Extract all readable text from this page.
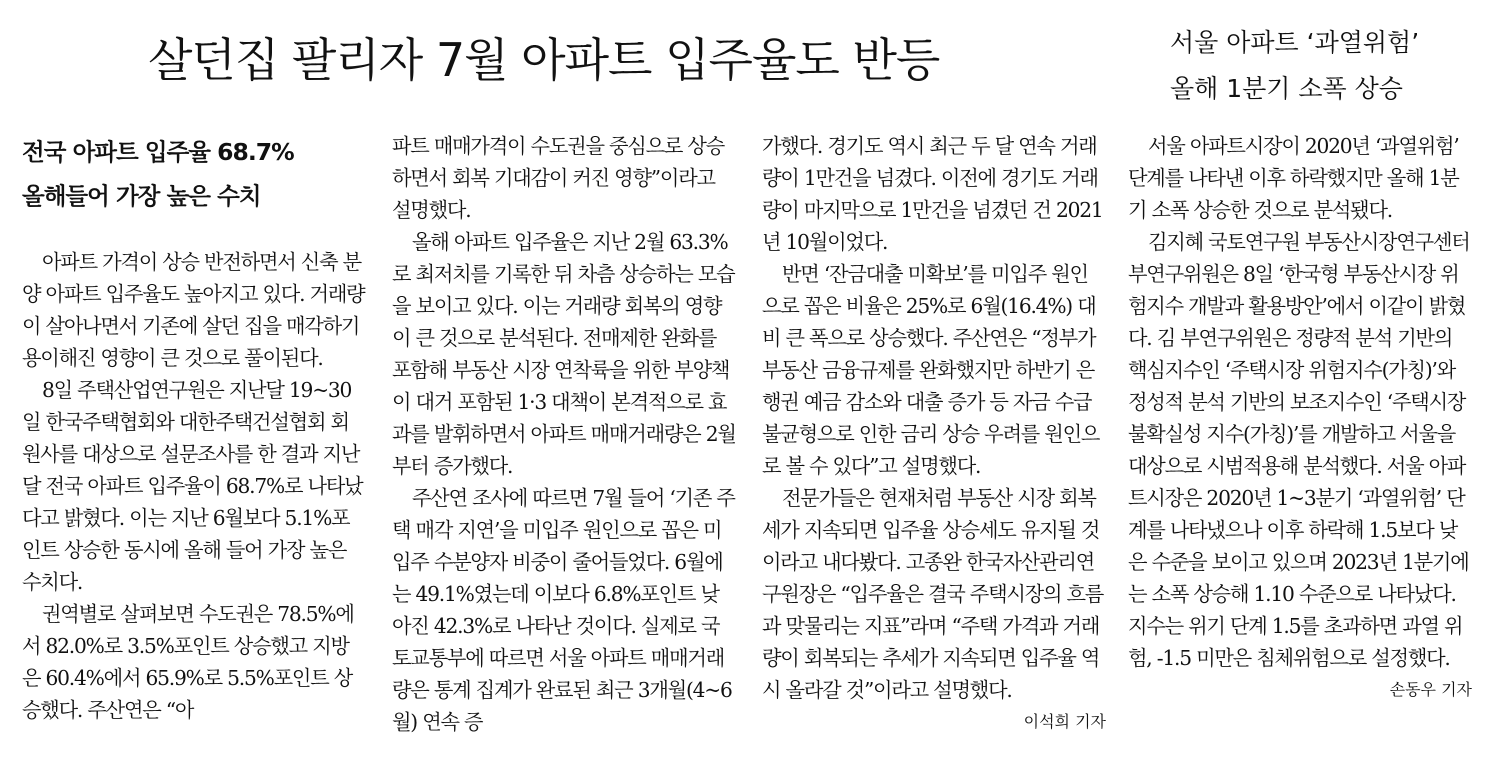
살던집 팔리자 7월 아파트 입주율도 반등	서울 아파트 ‘과열위험’
올해 1분기 소폭 상승
전국 아파트 입주율 68.7%
올해들어 가장 높은 수치

아파트 가격이 상승 반전하면서 신축 분양 아파트 입주율도 높아지고 있다. 거래량이 살아나면서 기존에 살던 집을 매각하기 용이해진 영향이 큰 것으로 풀이된다.

8일 주택산업연구원은 지난달 19~30일 한국주택협회와 대한주택건설협회 회원사를 대상으로 설문조사를 한 결과 지난달 전국 아파트 입주율이 68.7%로 나타났다고 밝혔다. 이는 지난 6월보다 5.1%포인트 상승한 동시에 올해 들어 가장 높은 수치다.

권역별로 살펴보면 수도권은 78.5%에서 82.0%로 3.5%포인트 상승했고 지방은 60.4%에서 65.9%로 5.5%포인트 상승했다. 주산연은 “아

파트 매매가격이 수도권을 중심으로 상승하면서 회복 기대감이 커진 영향”이라고 설명했다.

올해 아파트 입주율은 지난 2월 63.3%로 최저치를 기록한 뒤 차츰 상승하는 모습을 보이고 있다. 이는 거래량 회복의 영향이 큰 것으로 분석된다. 전매제한 완화를 포함해 부동산 시장 연착륙을 위한 부양책이 대거 포함된 1·3 대책이 본격적으로 효과를 발휘하면서 아파트 매매거래량은 2월부터 증가했다.

주산연 조사에 따르면 7월 들어 ‘기존 주택 매각 지연’을 미입주 원인으로 꼽은 미입주 수분양자 비중이 줄어들었다. 6월에는 49.1%였는데 이보다 6.8%포인트 낮아진 42.3%로 나타난 것이다. 실제로 국토교통부에 따르면 서울 아파트 매매거래량은 통계 집계가 완료된 최근 3개월(4~6월) 연속 증

가했다. 경기도 역시 최근 두 달 연속 거래량이 1만건을 넘겼다. 이전에 경기도 거래량이 마지막으로 1만건을 넘겼던 건 2021년 10월이었다.

반면 ‘잔금대출 미확보’를 미입주 원인으로 꼽은 비율은 25%로 6월(16.4%) 대비 큰 폭으로 상승했다. 주산연은 “정부가 부동산 금융규제를 완화했지만 하반기 은행권 예금 감소와 대출 증가 등 자금 수급 불균형으로 인한 금리 상승 우려를 원인으로 볼 수 있다”고 설명했다.

전문가들은 현재처럼 부동산 시장 회복세가 지속되면 입주율 상승세도 유지될 것이라고 내다봤다. 고종완 한국자산관리연구원장은 “입주율은 결국 주택시장의 흐름과 맞물리는 지표”라며 “주택 가격과 거래량이 회복되는 추세가 지속되면 입주율 역시 올라갈 것”이라고 설명했다.
이석희 기자

서울 아파트시장이 2020년 ‘과열위험’ 단계를 나타낸 이후 하락했지만 올해 1분기 소폭 상승한 것으로 분석됐다.

김지혜 국토연구원 부동산시장연구센터 부연구위원은 8일 ‘한국형 부동산시장 위험지수 개발과 활용방안’에서 이같이 밝혔다. 김 부연구위원은 정량적 분석 기반의 핵심지수인 ‘주택시장 위험지수(가칭)’와 정성적 분석 기반의 보조지수인 ‘주택시장 불확실성 지수(가칭)’를 개발하고 서울을 대상으로 시범적용해 분석했다. 서울 아파트시장은 2020년 1~3분기 ‘과열위험’ 단계를 나타냈으나 이후 하락해 1.5보다 낮은 수준을 보이고 있으며 2023년 1분기에는 소폭 상승해 1.10 수준으로 나타났다. 지수는 위기 단계 1.5를 초과하면 과열 위험, -1.5 미만은 침체위험으로 설정했다.
손동우 기자
